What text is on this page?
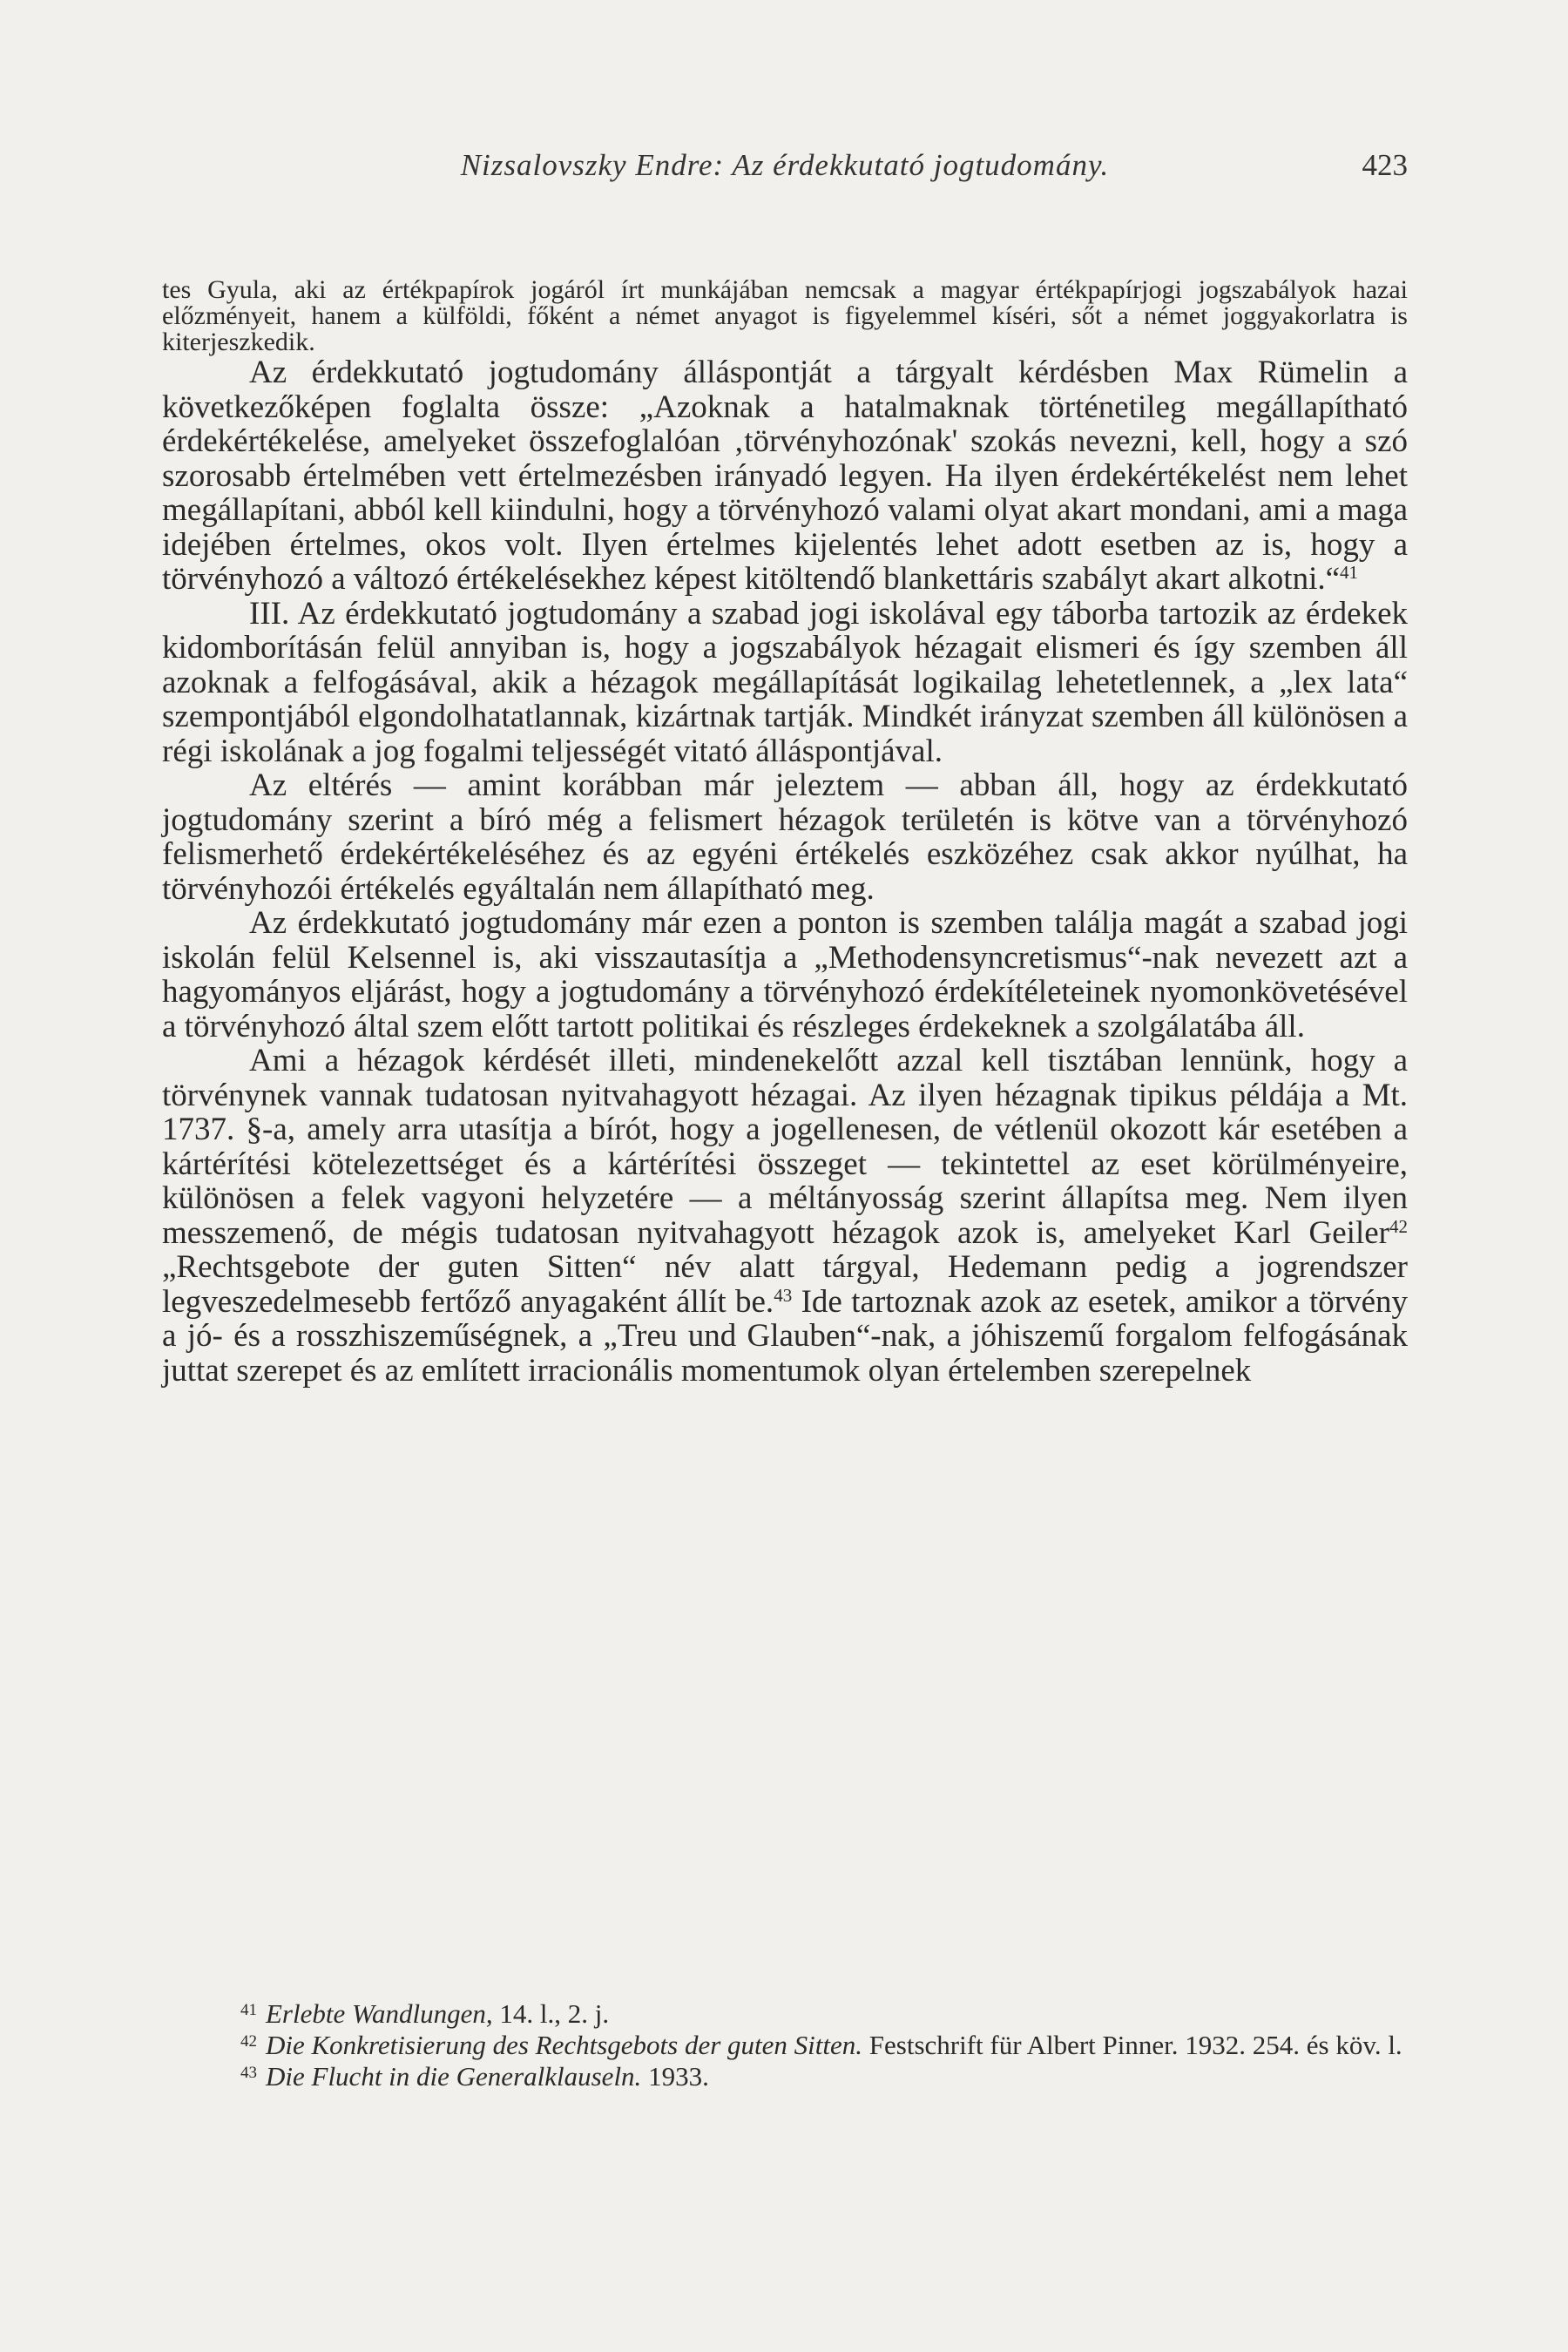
Nizsalovszky Endre: Az érdekkutató jogtudomány.	423

tes Gyula, aki az értékpapírok jogáról írt munkájában nemcsak a magyar értékpapírjogi jogszabályok hazai előzményeit, hanem a külföldi, főként a német anyagot is figyelemmel kíséri, sőt a német joggyakorlatra is kiterjeszkedik.

Az érdekkutató jogtudomány álláspontját a tárgyalt kérdésben Max Rümelin a következőképen foglalta össze: „Azoknak a hatalmaknak történetileg megállapítható érdekértékelése, amelyeket összefoglalóan ‚törvényhozónak' szokás nevezni, kell, hogy a szó szorosabb értelmében vett értelmezésben irányadó legyen. Ha ilyen érdekértékelést nem lehet megállapítani, abból kell kiindulni, hogy a törvényhozó valami olyat akart mondani, ami a maga idejében értelmes, okos volt. Ilyen értelmes kijelentés lehet adott esetben az is, hogy a törvényhozó a változó értékelésekhez képest kitöltendő blankettáris szabályt akart alkotni.“$^{41}$

III. Az érdekkutató jogtudomány a szabad jogi iskolával egy táborba tartozik az érdekek kidomborításán felül annyiban is, hogy a jogszabályok hézagait elismeri és így szemben áll azoknak a felfogásával, akik a hézagok megállapítását logikailag lehetetlennek, a „lex lata“ szempontjából elgondolhatatlannak, kizártnak tartják. Mindkét irányzat szemben áll különösen a régi iskolának a jog fogalmi teljességét vitató álláspontjával.

Az eltérés — amint korábban már jeleztem — abban áll, hogy az érdekkutató jogtudomány szerint a bíró még a felismert hézagok területén is kötve van a törvényhozó felismerhető érdekértékeléséhez és az egyéni értékelés eszközéhez csak akkor nyúlhat, ha törvényhozói értékelés egyáltalán nem állapítható meg.

Az érdekkutató jogtudomány már ezen a ponton is szemben találja magát a szabad jogi iskolán felül Kelsennel is, aki visszautasítja a „Methodensyncretismus“-nak nevezett azt a hagyományos eljárást, hogy a jogtudomány a törvényhozó érdekítéleteinek nyomonkövetésével a törvényhozó által szem előtt tartott politikai és részleges érdekeknek a szolgálatába áll.

Ami a hézagok kérdését illeti, mindenekelőtt azzal kell tisztában lennünk, hogy a törvénynek vannak tudatosan nyitvahagyott hézagai. Az ilyen hézagnak tipikus példája a Mt. 1737. §-a, amely arra utasítja a bírót, hogy a jogellenesen, de vétlenül okozott kár esetében a kártérítési kötelezettséget és a kártérítési összeget — tekintettel az eset körülményeire, különösen a felek vagyoni helyzetére — a méltányosság szerint állapítsa meg. Nem ilyen messzemenő, de mégis tudatosan nyitvahagyott hézagok azok is, amelyeket Karl Geiler$^{42}$ „Rechtsgebote der guten Sitten“ név alatt tárgyal, Hedemann pedig a jogrendszer legveszedelmesebb fertőző anyagaként állít be.$^{43}$ Ide tartoznak azok az esetek, amikor a törvény a jó- és a rosszhiszeműségnek, a „Treu und Glauben“-nak, a jóhiszemű forgalom felfogásának juttat szerepet és az említett irracionális momentumok olyan értelemben szerepelnek

$^{41}$ Erlebte Wandlungen, 14. l., 2. j.

$^{42}$ Die Konkretisierung des Rechtsgebots der guten Sitten. Festschrift für Albert Pinner. 1932. 254. és köv. l.

$^{43}$ Die Flucht in die Generalklauseln. 1933.
